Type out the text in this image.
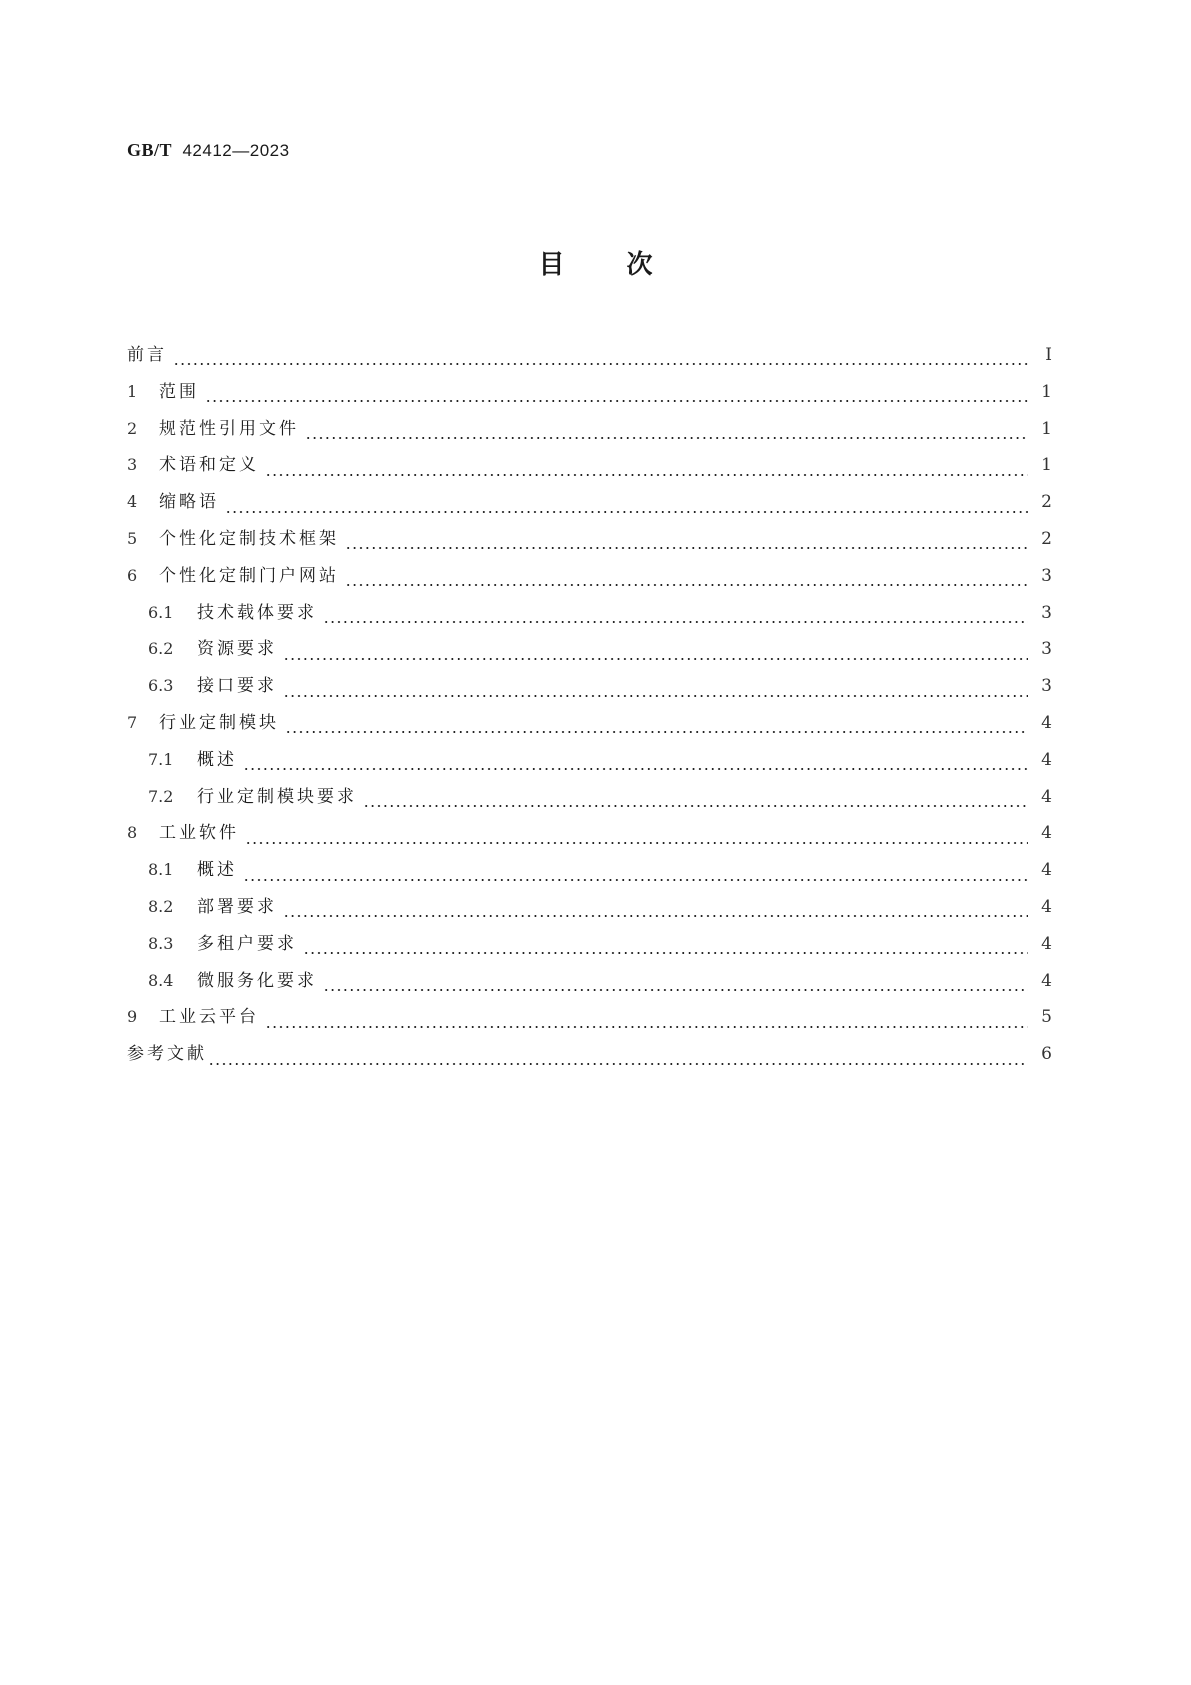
GB/T 42412—2023
目 次
前言	Ⅰ
1	范围	1
2	规范性引用文件	1
3	术语和定义	1
4	缩略语	2
5	个性化定制技术框架	2
6	个性化定制门户网站	3
6.1	技术载体要求	3
6.2	资源要求	3
6.3	接口要求	3
7	行业定制模块	4
7.1	概述	4
7.2	行业定制模块要求	4
8	工业软件	4
8.1	概述	4
8.2	部署要求	4
8.3	多租户要求	4
8.4	微服务化要求	4
9	工业云平台	5
参考文献	6
